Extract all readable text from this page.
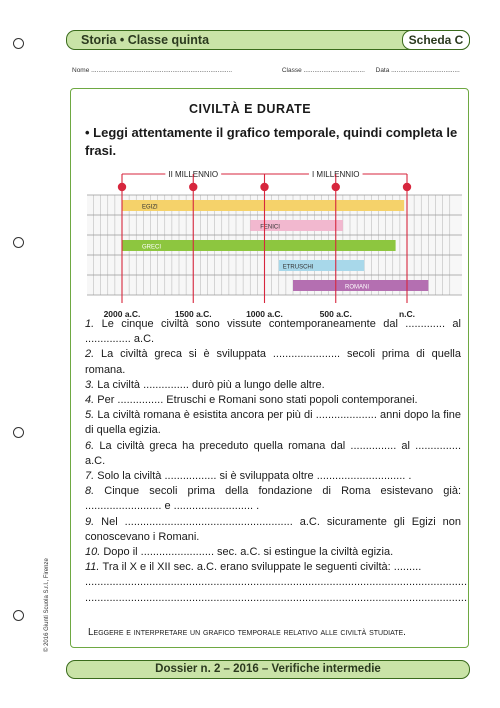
Storia • Classe quinta	Scheda C
Nome ..............................................................................	Classe .................................. Data ......................................
CIVILTÀ E DURATE
• Leggi attentamente il grafico temporale, quindi completa le frasi.
EGIZI
FENICI
GRECI
ETRUSCHI
ROMANI
II MILLENNIO	I MILLENNIO
2000 a.C.	1500 a.C.	1000 a.C.	500 a.C.	n.C.

1. Le cinque civiltà sono vissute contemporaneamente dal ............. al ............... a.C.

2. La civiltà greca si è sviluppata ...................... secoli prima di quella romana.

3. La civiltà ............... durò più a lungo delle altre.

4. Per ............... Etruschi e Romani sono stati popoli contemporanei.

5. La civiltà romana è esistita ancora per più di .................... anni dopo la fine di quella egizia.

6. La civiltà greca ha preceduto quella romana dal ............... al ............... a.C.

7. Solo la civiltà ................. si è sviluppata oltre ............................. .

8. Cinque secoli prima della fondazione di Roma esistevano già: ......................... e .......................... .

9. Nel ....................................................... a.C. sicuramente gli Egizi non conoscevano i Romani.

10. Dopo il ........................ sec. a.C. si estingue la civiltà egizia.

11. Tra il X e il XII sec. a.C. erano sviluppate le seguenti civiltà: .........

.............................................................................................................................

.............................................................................................................................

Leggere e interpretare un grafico temporale relativo alle civiltà studiate.
© 2016 Giunti Scuola S.r.l., Firenze
Dossier n. 2 – 2016 – Verifiche intermedie
